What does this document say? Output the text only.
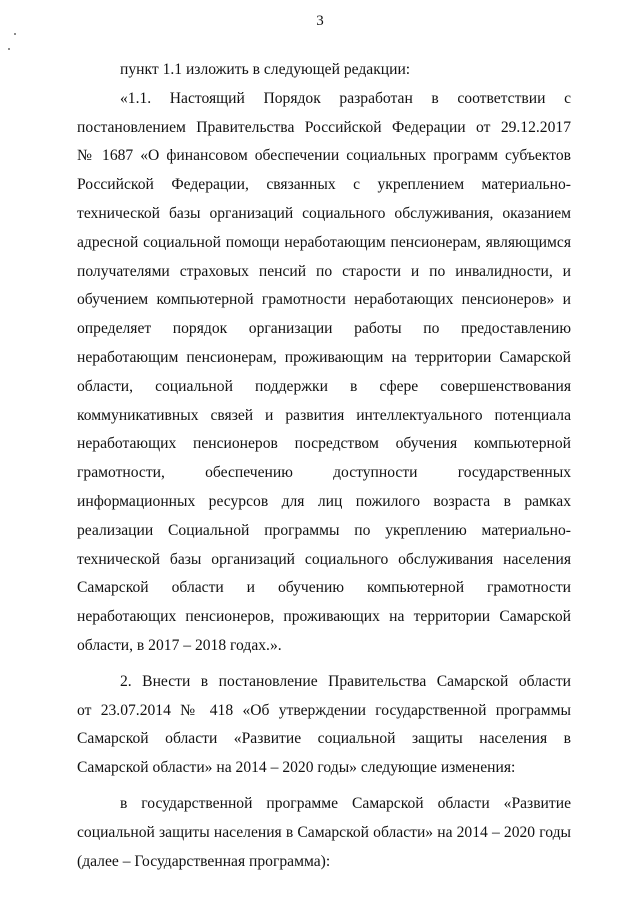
3
пункт 1.1 изложить в следующей редакции:
«1.1. Настоящий Порядок разработан в соответствии с
постановлением Правительства Российской Федерации от 29.12.2017
№ 1687 «О финансовом обеспечении социальных программ субъектов
Российской Федерации, связанных с укреплением материально-
технической базы организаций социального обслуживания, оказанием
адресной социальной помощи неработающим пенсионерам, являющимся
получателями страховых пенсий по старости и по инвалидности, и
обучением компьютерной грамотности неработающих пенсионеров» и
определяет порядок организации работы по предоставлению
неработающим пенсионерам, проживающим на территории Самарской
области, социальной поддержки в сфере совершенствования
коммуникативных связей и развития интеллектуального потенциала
неработающих пенсионеров посредством обучения компьютерной
грамотности, обеспечению доступности государственных
информационных ресурсов для лиц пожилого возраста в рамках
реализации Социальной программы по укреплению материально-
технической базы организаций социального обслуживания населения
Самарской области и обучению компьютерной грамотности
неработающих пенсионеров, проживающих на территории Самарской
области, в 2017 – 2018 годах.».
2. Внести в постановление Правительства Самарской области
от 23.07.2014 № 418 «Об утверждении государственной программы
Самарской области «Развитие социальной защиты населения в
Самарской области» на 2014 – 2020 годы» следующие изменения:
в государственной программе Самарской области «Развитие
социальной защиты населения в Самарской области» на 2014 – 2020 годы
(далее – Государственная программа):
